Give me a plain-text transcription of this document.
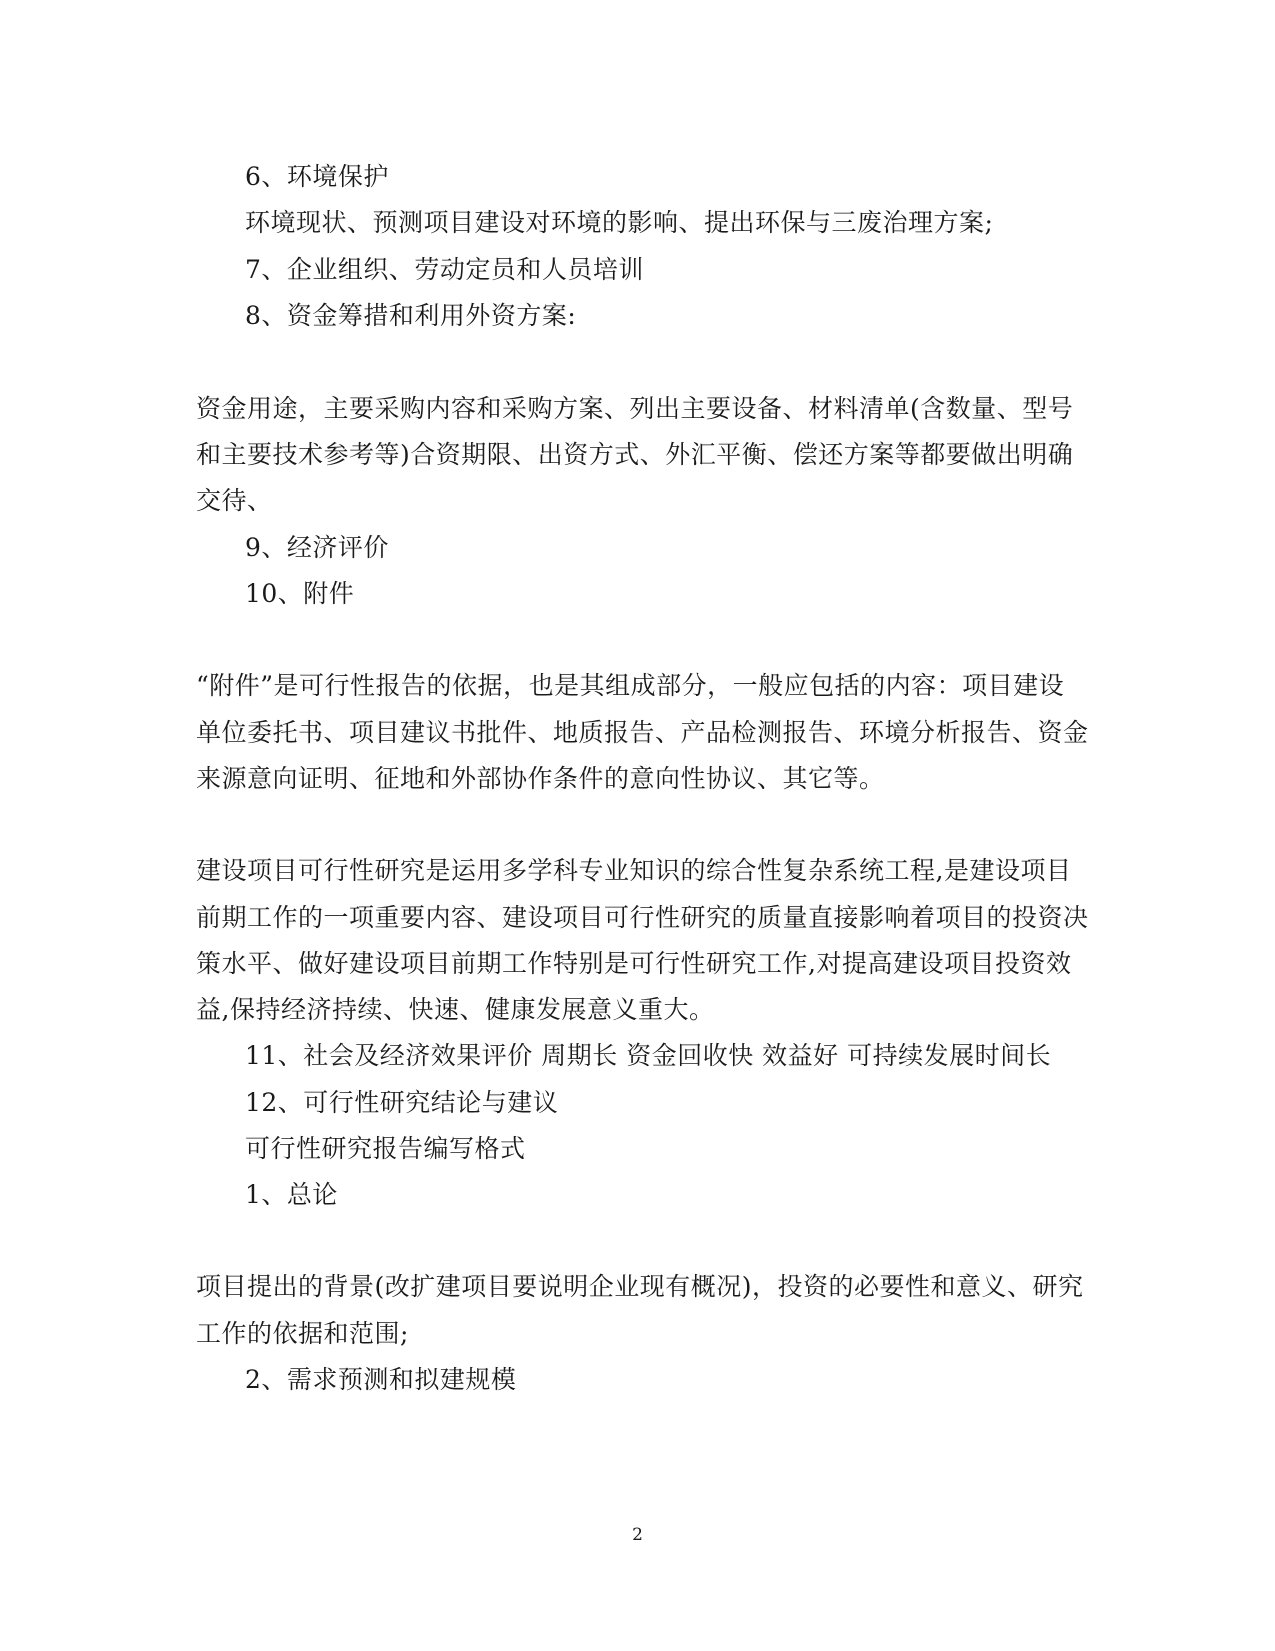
6、环境保护
环境现状、预测项目建设对环境的影响、提出环保与三废治理方案;
7、企业组织、劳动定员和人员培训
8、资金筹措和利用外资方案:
资金用途，主要采购内容和采购方案、列出主要设备、材料清单(含数量、型号
和主要技术参考等)合资期限、出资方式、外汇平衡、偿还方案等都要做出明确
交待、
9、经济评价
10、附件
“附件”是可行性报告的依据，也是其组成部分，一般应包括的内容：项目建设
单位委托书、项目建议书批件、地质报告、产品检测报告、环境分析报告、资金
来源意向证明、征地和外部协作条件的意向性协议、其它等。
建设项目可行性研究是运用多学科专业知识的综合性复杂系统工程,是建设项目
前期工作的一项重要内容、建设项目可行性研究的质量直接影响着项目的投资决
策水平、做好建设项目前期工作特别是可行性研究工作,对提高建设项目投资效
益,保持经济持续、快速、健康发展意义重大。
11、社会及经济效果评价 周期长 资金回收快 效益好 可持续发展时间长
12、可行性研究结论与建议
可行性研究报告编写格式
1、总论
项目提出的背景(改扩建项目要说明企业现有概况)，投资的必要性和意义、研究
工作的依据和范围;
2、需求预测和拟建规模
2
